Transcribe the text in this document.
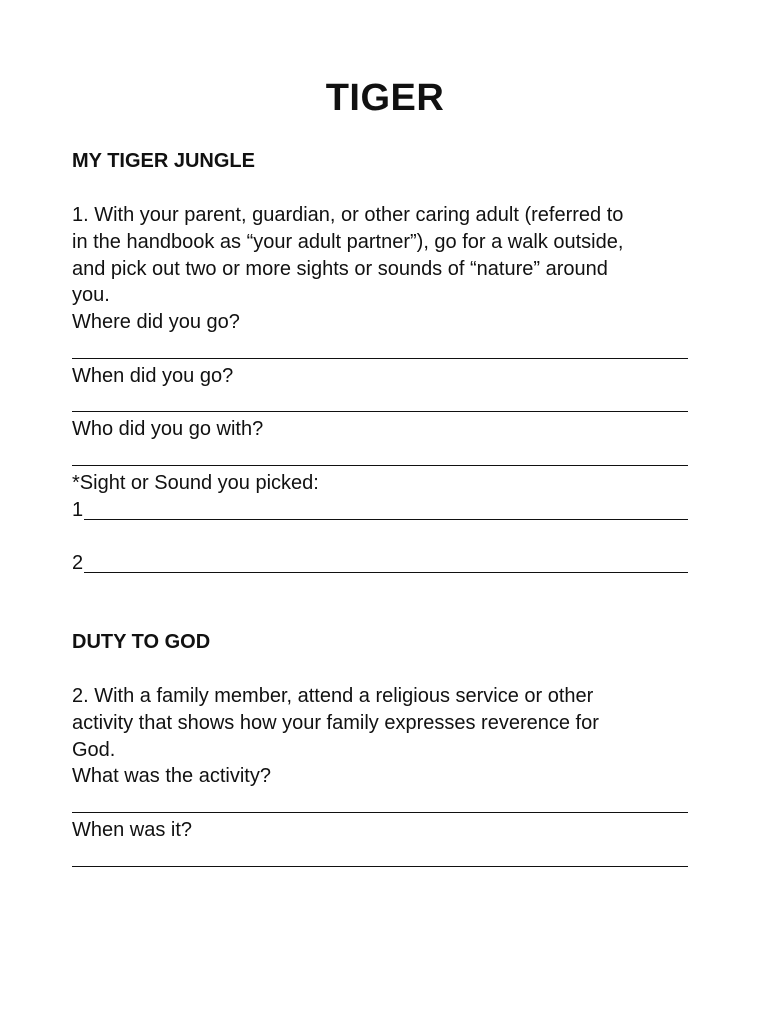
TIGER

MY TIGER JUNGLE

1. With your parent, guardian, or other caring adult (referred to

in the handbook as “your adult partner”), go for a walk outside,

and pick out two or more sights or sounds of “nature” around

you.

Where did you go?

When did you go?

Who did you go with?

*Sight or Sound you picked:

1
2

DUTY TO GOD

2. With a family member, attend a religious service or other

activity that shows how your family expresses reverence for

God.

What was the activity?

When was it?
